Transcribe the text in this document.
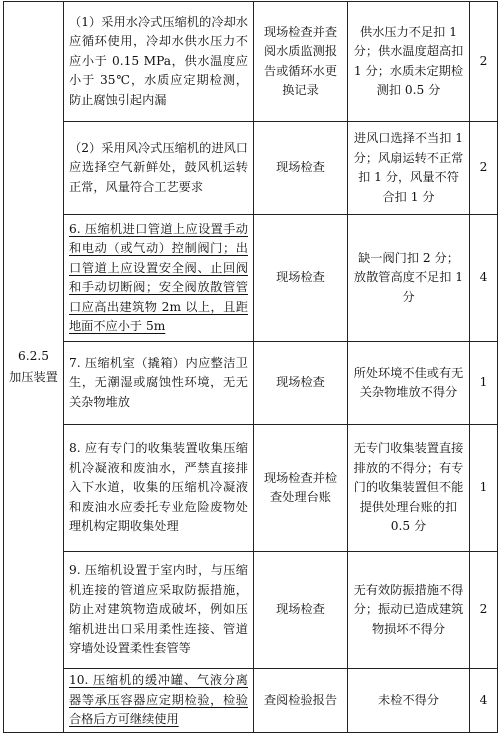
6.2.5
加压装置	（1）采用水冷式压缩机的冷却水应循环使用，冷却水供水压力不应小于 0.15 MPa，供水温度应小于 35℃，水质应定期检测，防止腐蚀引起内漏	现场检查并查阅水质监测报告或循环水更换记录	供水压力不足扣 1 分；供水温度超高扣 1 分；水质未定期检测扣 0.5 分	2
	（2）采用风冷式压缩机的进风口应选择空气新鲜处，鼓风机运转正常，风量符合工艺要求	现场检查	进风口选择不当扣 1 分；风扇运转不正常扣 1 分，风量不符合扣 1 分	2
	6. 压缩机进口管道上应设置手动和电动（或气动）控制阀门；出口管道上应设置安全阀、止回阀和手动切断阀；安全阀放散管管口应高出建筑物 2m 以上，且距地面不应小于 5m	现场检查	缺一阀门扣 2 分；放散管高度不足扣 1 分	4
	7. 压缩机室（撬箱）内应整洁卫生，无潮湿或腐蚀性环境，无无关杂物堆放	现场检查	所处环境不佳或有无关杂物堆放不得分	1
	8. 应有专门的收集装置收集压缩机冷凝液和废油水，严禁直接排入下水道，收集的压缩机冷凝液和废油水应委托专业危险废物处理机构定期收集处理	现场检查并检查处理台账	无专门收集装置直接排放的不得分；有专门的收集装置但不能提供处理台账的扣 0.5 分	1
	9. 压缩机设置于室内时，与压缩机连接的管道应采取防振措施，防止对建筑物造成破坏，例如压缩机进出口采用柔性连接、管道穿墙处设置柔性套管等	现场检查	无有效防振措施不得分；振动已造成建筑物损坏不得分	2
	10. 压缩机的缓冲罐、气液分离器等承压容器应定期检验，检验合格后方可继续使用	查阅检验报告	未检不得分	4
